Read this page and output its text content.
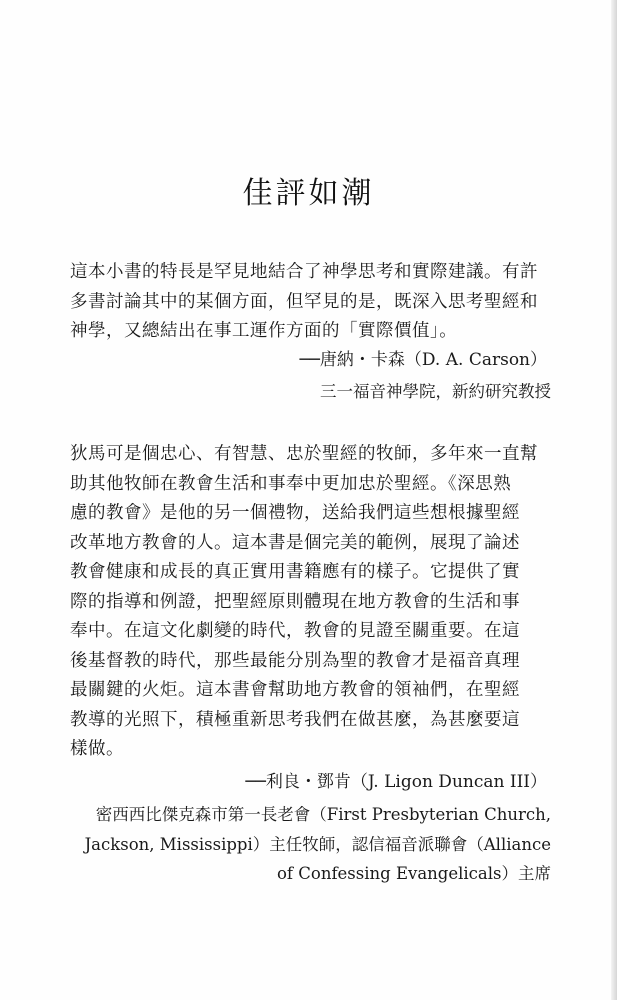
佳評如潮
這本小書的特長是罕見地結合了神學思考和實際建議。有許
多書討論其中的某個方面，但罕見的是，既深入思考聖經和
神學，又總結出在事工運作方面的「實際價值」。
──唐納・卡森（D. A. Carson）
三一福音神學院，新約研究教授
狄馬可是個忠心、有智慧、忠於聖經的牧師，多年來一直幫
助其他牧師在教會生活和事奉中更加忠於聖經。《深思熟
慮的教會》是他的另一個禮物，送給我們這些想根據聖經
改革地方教會的人。這本書是個完美的範例，展現了論述
教會健康和成長的真正實用書籍應有的樣子。它提供了實
際的指導和例證，把聖經原則體現在地方教會的生活和事
奉中。在這文化劇變的時代，教會的見證至關重要。在這
後基督教的時代，那些最能分別為聖的教會才是福音真理
最關鍵的火炬。這本書會幫助地方教會的領袖們，在聖經
教導的光照下，積極重新思考我們在做甚麼，為甚麼要這
樣做。
──利良・鄧肯（J. Ligon Duncan III）
密西西比傑克森市第一長老會（First Presbyterian Church,
Jackson, Mississippi）主任牧師，認信福音派聯會（Alliance
of Confessing Evangelicals）主席
